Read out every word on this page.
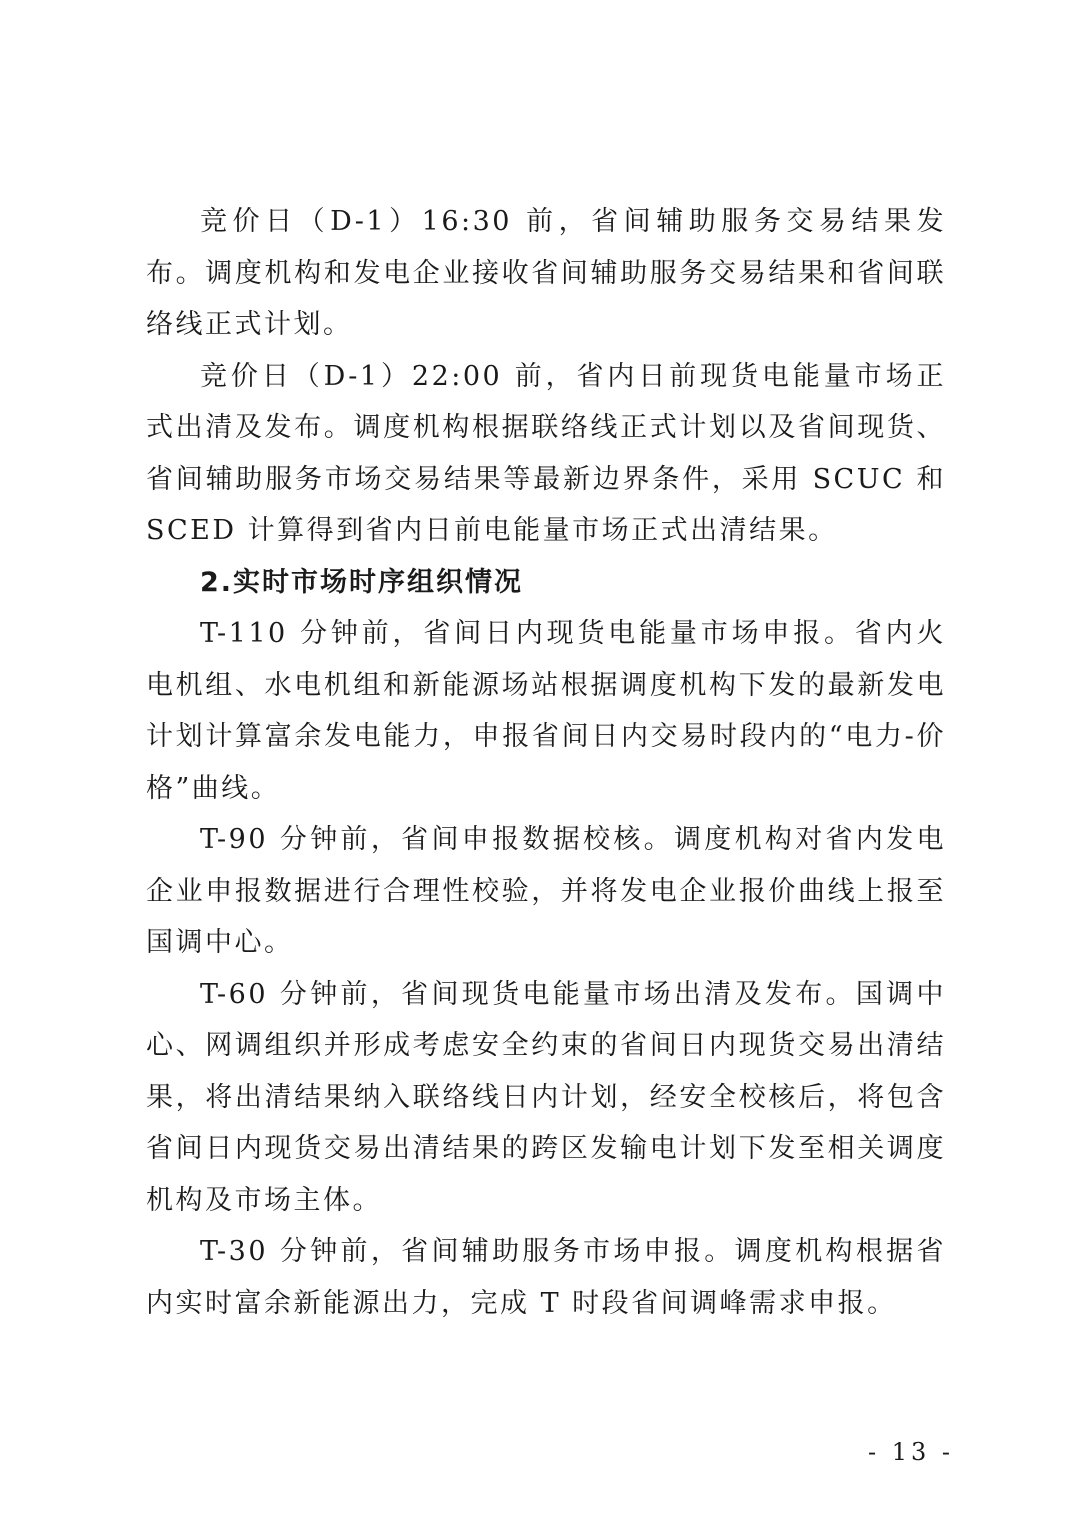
竞价日（D-1）16:30 前，省间辅助服务交易结果发布。调度机构和发电企业接收省间辅助服务交易结果和省间联络线正式计划。

竞价日（D-1）22:00 前，省内日前现货电能量市场正式出清及发布。调度机构根据联络线正式计划以及省间现货、省间辅助服务市场交易结果等最新边界条件，采用 SCUC 和 SCED 计算得到省内日前电能量市场正式出清结果。

2.实时市场时序组织情况

T-110 分钟前，省间日内现货电能量市场申报。省内火电机组、水电机组和新能源场站根据调度机构下发的最新发电计划计算富余发电能力，申报省间日内交易时段内的“电力-价格”曲线。

T-90 分钟前，省间申报数据校核。调度机构对省内发电企业申报数据进行合理性校验，并将发电企业报价曲线上报至国调中心。

T-60 分钟前，省间现货电能量市场出清及发布。国调中心、网调组织并形成考虑安全约束的省间日内现货交易出清结果，将出清结果纳入联络线日内计划，经安全校核后，将包含省间日内现货交易出清结果的跨区发输电计划下发至相关调度机构及市场主体。

T-30 分钟前，省间辅助服务市场申报。调度机构根据省内实时富余新能源出力，完成 T 时段省间调峰需求申报。

- 13 -
